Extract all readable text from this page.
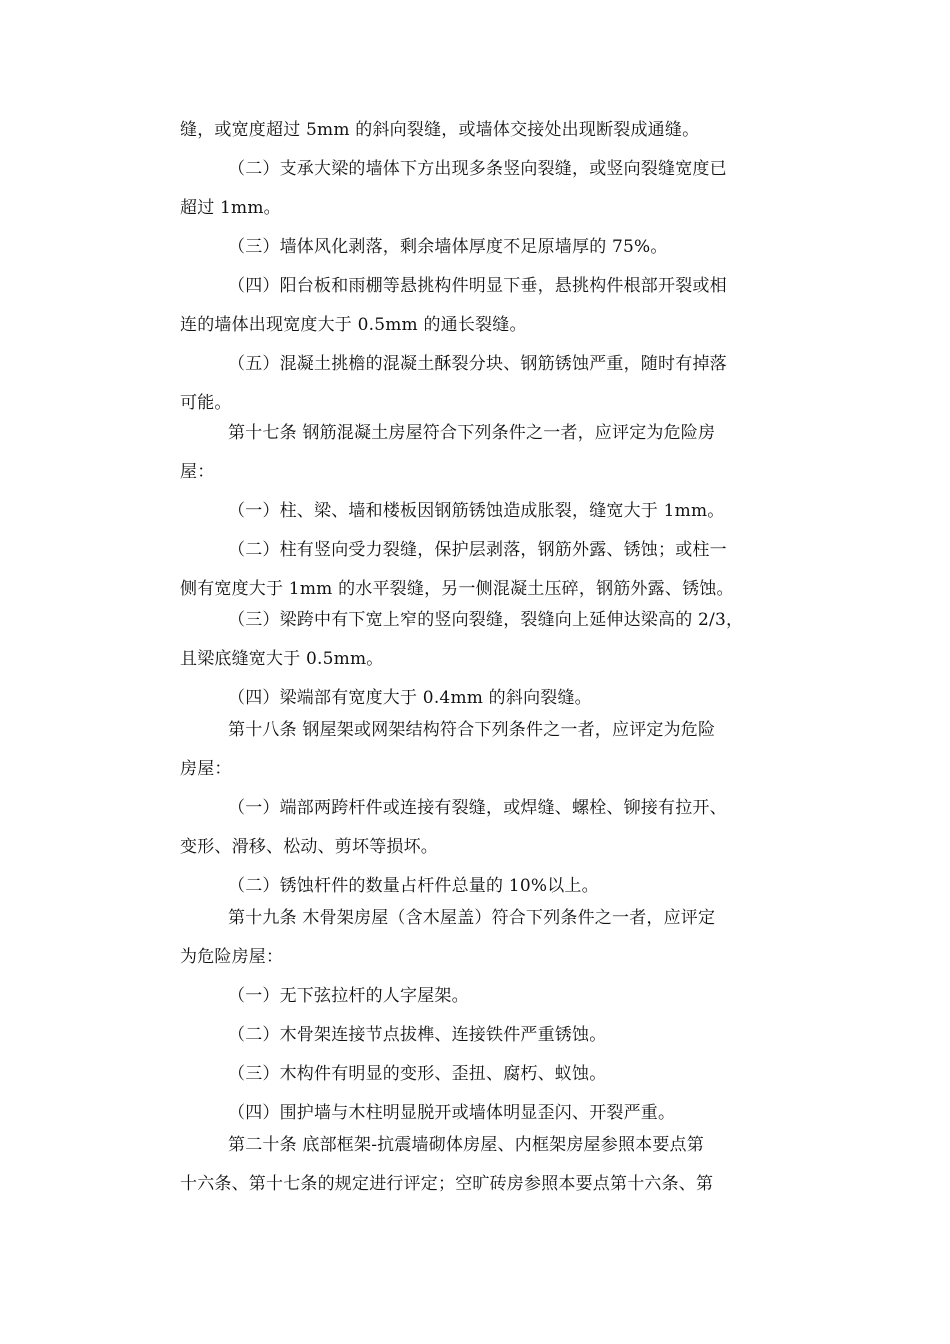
缝，或宽度超过 5mm 的斜向裂缝，或墙体交接处出现断裂成通缝。
（二）支承大梁的墙体下方出现多条竖向裂缝，或竖向裂缝宽度已
超过 1mm。
（三）墙体风化剥落，剩余墙体厚度不足原墙厚的 75%。
（四）阳台板和雨棚等悬挑构件明显下垂，悬挑构件根部开裂或相
连的墙体出现宽度大于 0.5mm 的通长裂缝。
（五）混凝土挑檐的混凝土酥裂分块、钢筋锈蚀严重，随时有掉落
可能。
第十七条 钢筋混凝土房屋符合下列条件之一者，应评定为危险房
屋：
（一）柱、梁、墙和楼板因钢筋锈蚀造成胀裂，缝宽大于 1mm。
（二）柱有竖向受力裂缝，保护层剥落，钢筋外露、锈蚀；或柱一
侧有宽度大于 1mm 的水平裂缝，另一侧混凝土压碎，钢筋外露、锈蚀。
（三）梁跨中有下宽上窄的竖向裂缝，裂缝向上延伸达梁高的 2/3，
且梁底缝宽大于 0.5mm。
（四）梁端部有宽度大于 0.4mm 的斜向裂缝。
第十八条 钢屋架或网架结构符合下列条件之一者，应评定为危险
房屋：
（一）端部两跨杆件或连接有裂缝，或焊缝、螺栓、铆接有拉开、
变形、滑移、松动、剪坏等损坏。
（二）锈蚀杆件的数量占杆件总量的 10%以上。
第十九条 木骨架房屋（含木屋盖）符合下列条件之一者，应评定
为危险房屋：
（一）无下弦拉杆的人字屋架。
（二）木骨架连接节点拔榫、连接铁件严重锈蚀。
（三）木构件有明显的变形、歪扭、腐朽、蚁蚀。
（四）围护墙与木柱明显脱开或墙体明显歪闪、开裂严重。
第二十条 底部框架-抗震墙砌体房屋、内框架房屋参照本要点第
十六条、第十七条的规定进行评定；空旷砖房参照本要点第十六条、第
